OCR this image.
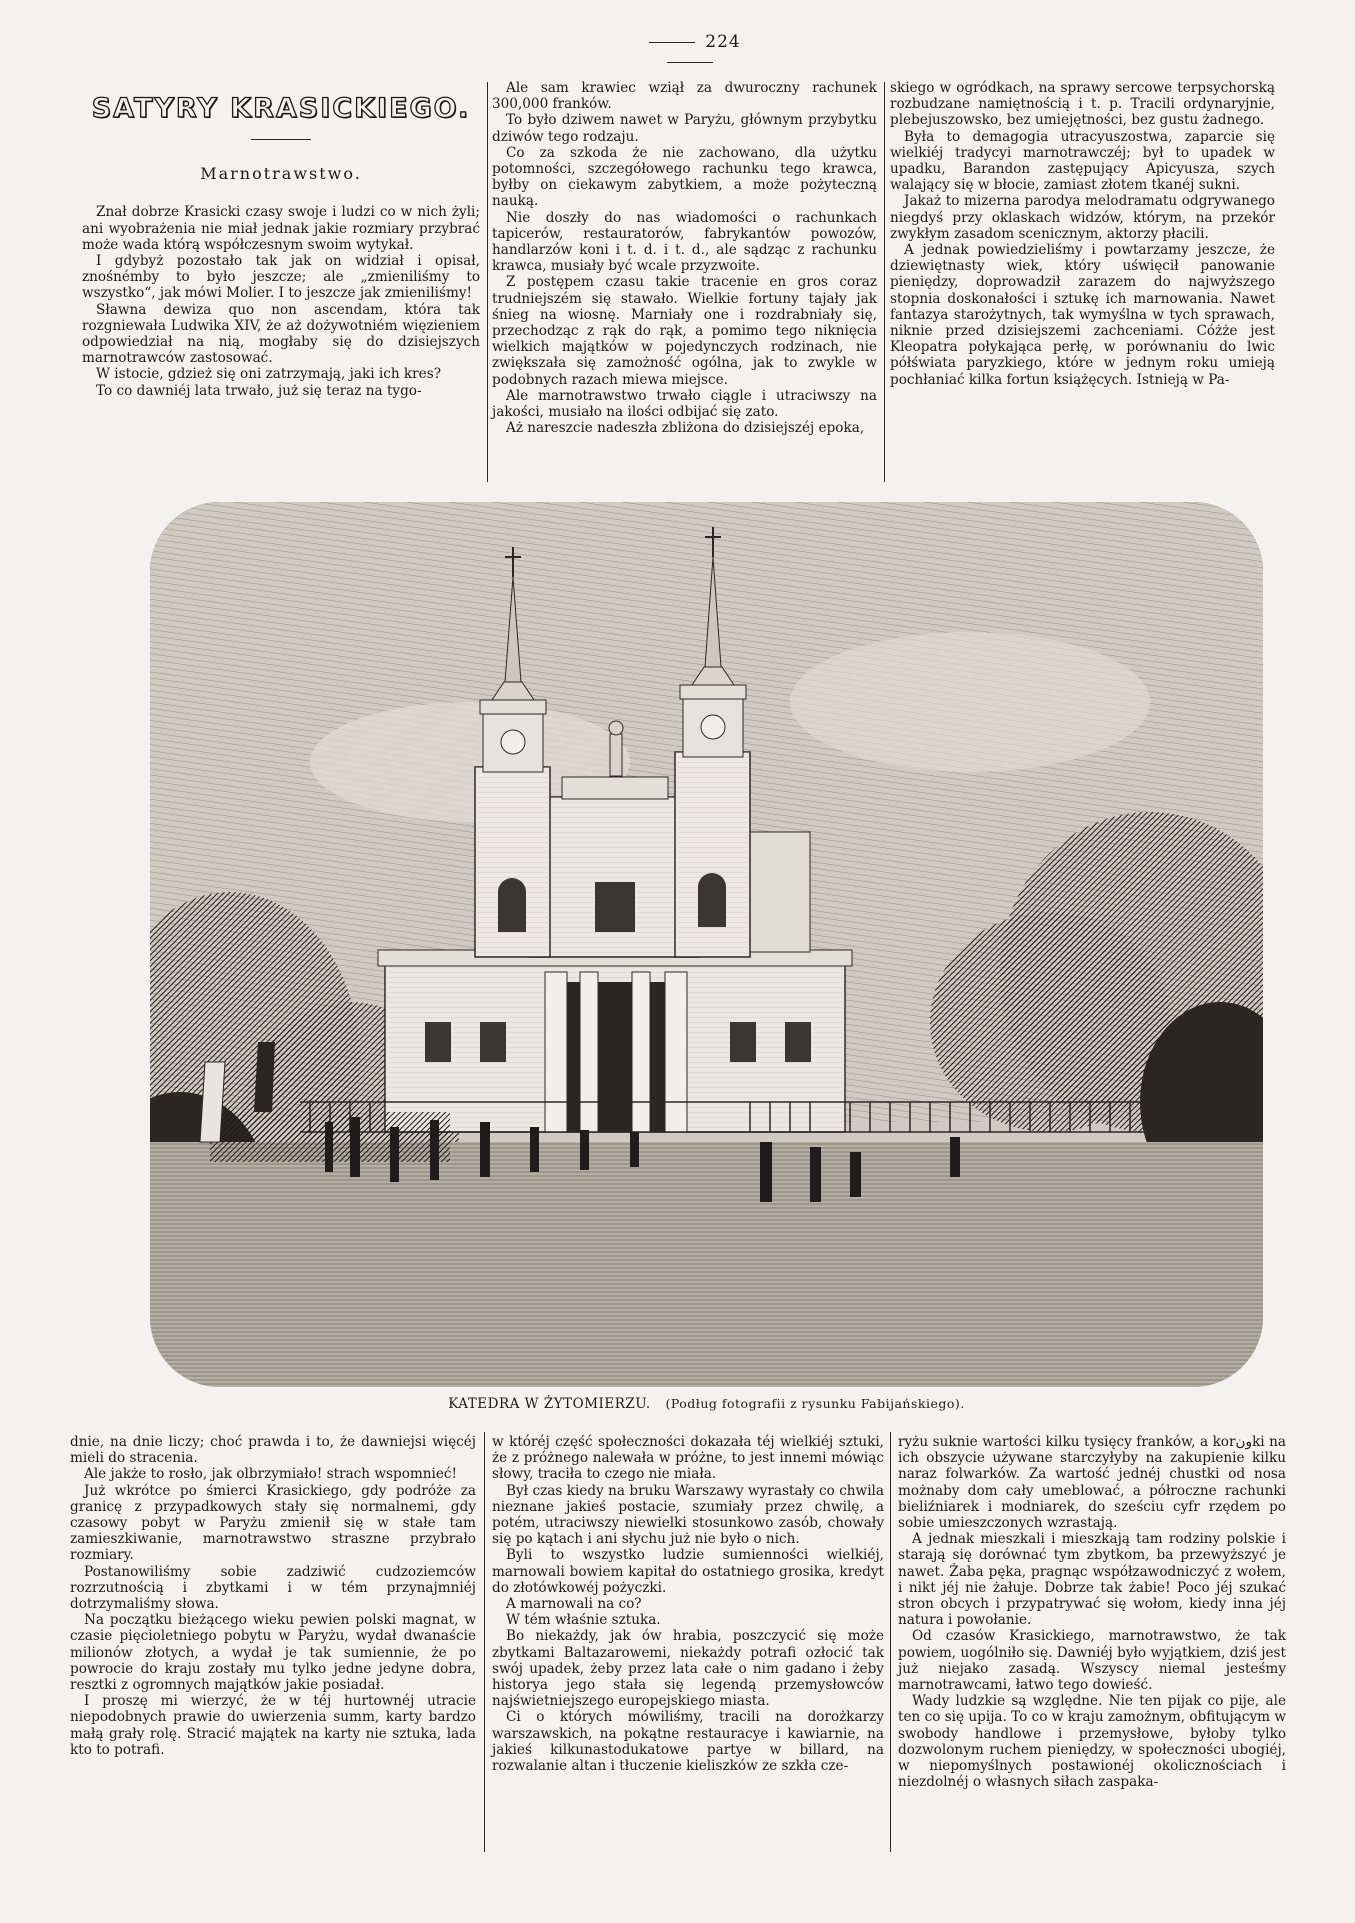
224
SATYRY KRASICKIEGO.
Marnotrawstwo.

Znał dobrze Krasicki czasy swoje i ludzi co w nich żyli; ani wyobrażenia nie miał jednak jakie rozmiary przybrać może wada którą współczesnym swoim wytykał.

I gdybyż pozostało tak jak on widział i opisał, znośnémby to było jeszcze; ale „zmieniliśmy to wszystko“, jak mówi Molier. I to jeszcze jak zmieniliśmy!

Sławna dewiza quo non ascendam, która tak rozgniewała Ludwika XIV, że aż dożywotniém więzieniem odpowiedział na nią, mogłaby się do dzisiejszych marnotrawców zastosować.

W istocie, gdzież się oni zatrzymają, jaki ich kres?

To co dawniéj lata trwało, już się teraz na tygo-

Ale sam krawiec wziął za dwuroczny rachunek 300,000 franków.

To było dziwem nawet w Paryżu, głównym przybytku dziwów tego rodzaju.

Co za szkoda że nie zachowano, dla użytku potomności, szczegółowego rachunku tego krawca, byłby on ciekawym zabytkiem, a może pożyteczną nauką.

Nie doszły do nas wiadomości o rachunkach tapicerów, restauratorów, fabrykantów powozów, handlarzów koni i t. d. i t. d., ale sądząc z rachunku krawca, musiały być wcale przyzwoite.

Z postępem czasu takie tracenie en gros coraz trudniejszém się stawało. Wielkie fortuny tajały jak śnieg na wiosnę. Marniały one i rozdrabniały się, przechodząc z rąk do rąk, a pomimo tego niknięcia wielkich majątków w pojedynczych rodzinach, nie zwiększała się zamożność ogólna, jak to zwykle w podobnych razach miewa miejsce.

Ale marnotrawstwo trwało ciągle i utraciwszy na jakości, musiało na ilości odbijać się zato.

Aż nareszcie nadeszła zbliżona do dzisiejszéj epoka,

skiego w ogródkach, na sprawy sercowe terpsychorską rozbudzane namiętnością i t. p. Tracili ordynaryjnie, plebejuszowsko, bez umiejętności, bez gustu żadnego.

Była to demagogia utracyuszostwa, zaparcie się wielkiéj tradycyi marnotrawczéj; był to upadek w upadku, Barandon zastępujący Apicyusza, szych walający się w błocie, zamiast złotem tkanéj sukni.

Jakaż to mizerna parodya melodramatu odgrywanego niegdyś przy oklaskach widzów, którym, na przekór zwykłym zasadom scenicznym, aktorzy płacili.

A jednak powiedzieliśmy i powtarzamy jeszcze, że dziewiętnasty wiek, który uświęcił panowanie pieniędzy, doprowadził zarazem do najwyższego stopnia doskonałości i sztukę ich marnowania. Nawet fantazya starożytnych, tak wymyślna w tych sprawach, niknie przed dzisiejszemi zachceniami. Cóżże jest Kleopatra połykająca perłę, w porównaniu do lwic półświata paryzkiego, które w jednym roku umieją pochłaniać kilka fortun książęcych. Istnieją w Pa-

KATEDRA W ŻYTOMIERZU. (Podług fotografii z rysunku Fabijańskiego).

dnie, na dnie liczy; choć prawda i to, że dawniejsi więcéj mieli do stracenia.

Ale jakże to rosło, jak olbrzymiało! strach wspomnieć!

Już wkrótce po śmierci Krasickiego, gdy podróże za granicę z przypadkowych stały się normalnemi, gdy czasowy pobyt w Paryżu zmienił się w stałe tam zamieszkiwanie, marnotrawstwo straszne przybrało rozmiary.

Postanowiliśmy sobie zadziwić cudzoziemców rozrzutnością i zbytkami i w tém przynajmniéj dotrzymaliśmy słowa.

Na początku bieżącego wieku pewien polski magnat, w czasie pięcioletniego pobytu w Paryżu, wydał dwanaście milionów złotych, a wydał je tak sumiennie, że po powrocie do kraju zostały mu tylko jedne jedyne dobra, resztki z ogromnych majątków jakie posiadał.

I proszę mi wierzyć, że w téj hurtownéj utracie niepodobnych prawie do uwierzenia summ, karty bardzo małą grały rolę. Stracić majątek na karty nie sztuka, lada kto to potrafi.

w któréj część społeczności dokazała téj wielkiéj sztuki, że z próżnego nalewała w próżne, to jest innemi mówiąc słowy, traciła to czego nie miała.

Był czas kiedy na bruku Warszawy wyrastały co chwila nieznane jakieś postacie, szumiały przez chwilę, a potém, utraciwszy niewielki stosunkowo zasób, chowały się po kątach i ani słychu już nie było o nich.

Byli to wszystko ludzie sumienności wielkiéj, marnowali bowiem kapitał do ostatniego grosika, kredyt do złotówkowéj pożyczki.

A marnowali na co?

W tém właśnie sztuka.

Bo niekażdy, jak ów hrabia, poszczycić się może zbytkami Baltazarowemi, niekażdy potrafi ozłocić tak swój upadek, żeby przez lata całe o nim gadano i żeby historya jego stała się legendą przemysłowców najświetniejszego europejskiego miasta.

Ci o których mówiliśmy, tracili na dorożkarzy warszawskich, na pokątne restauracye i kawiarnie, na jakieś kilkunastodukatowe partye w billard, na rozwalanie altan i tłuczenie kieliszków ze szkła cze-

ryżu suknie wartości kilku tysięcy franków, a korونki na ich obszycie używane starczyłyby na zakupienie kilku naraz folwarków. Za wartość jednéj chustki od nosa możnaby dom cały umeblować, a półroczne rachunki bieliźniarek i modniarek, do sześciu cyfr rzędem po sobie umieszczonych wzrastają.

A jednak mieszkali i mieszkają tam rodziny polskie i starają się dorównać tym zbytkom, ba przewyższyć je nawet. Żaba pęka, pragnąc współzawodniczyć z wołem, i nikt jéj nie żałuje. Dobrze tak żabie! Poco jéj szukać stron obcych i przypatrywać się wołom, kiedy inna jéj natura i powołanie.

Od czasów Krasickiego, marnotrawstwo, że tak powiem, uogólniło się. Dawniéj było wyjątkiem, dziś jest już niejako zasadą. Wszyscy niemal jesteśmy marnotrawcami, łatwo tego dowieść.

Wady ludzkie są względne. Nie ten pijak co pije, ale ten co się upija. To co w kraju zamożnym, obfitującym w swobody handlowe i przemysłowe, byłoby tylko dozwolonym ruchem pieniędzy, w społeczności ubogiéj, w niepomyślnych postawionéj okolicznościach i niezdolnéj o własnych siłach zaspaka-
